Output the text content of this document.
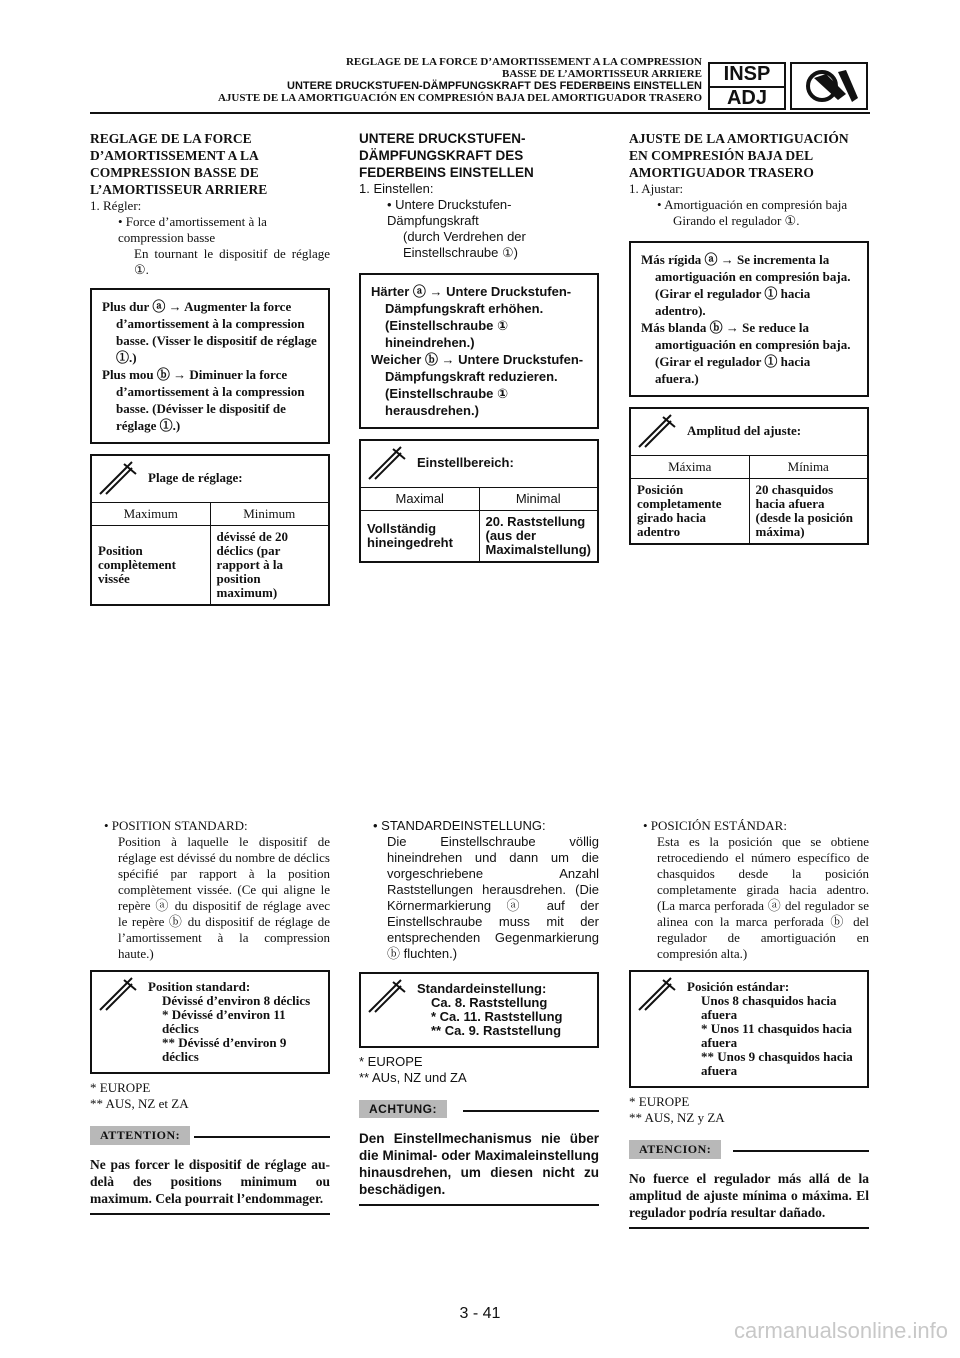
REGLAGE DE LA FORCE D’AMORTISSEMENT A LA COMPRESSION
BASSE DE L’AMORTISSEUR ARRIERE
UNTERE DRUCKSTUFEN-DÄMPFUNGSKRAFT DES FEDERBEINS EINSTELLEN
AJUSTE DE LA AMORTIGUACIÓN EN COMPRESIÓN BAJA DEL AMORTIGUADOR TRASERO
INSP
ADJ
REGLAGE DE LA FORCE D’AMORTISSEMENT A LA COMPRESSION BASSE DE L’AMORTISSEUR ARRIERE
1. Régler:
• Force d’amortissement à la compression basse
En tournant le dispositif de réglage ①.
Plus dur ⓐ → Augmenter la force d’amortissement à la compression basse. (Visser le dispositif de réglage ①.)
Plus mou ⓑ → Diminuer la force d’amortissement à la compression basse. (Dévisser le dispositif de réglage ①.)
Plage de réglage:
Maximum	Minimum
Position complètement vissée	dévissé de 20 déclics (par rapport à la position maximum)
• POSITION STANDARD:
Position à laquelle le dispositif de réglage est dévissé du nombre de déclics spécifié par rapport à la position complètement vissée. (Ce qui aligne le repère ⓐ du dispositif de réglage avec le repère ⓑ du dispositif de réglage de l’amortissement à la compression haute.)
Position standard:
Dévissé d’environ 8 déclics
* Dévissé d’environ 11 déclics
** Dévissé d’environ 9 déclics
* EUROPE
** AUS, NZ et ZA
ATTENTION:
Ne pas forcer le dispositif de réglage au-delà des positions minimum ou maximum. Cela pourrait l’endommager.
UNTERE DRUCKSTUFEN-DÄMPFUNGSKRAFT DES FEDERBEINS EINSTELLEN
1. Einstellen:
• Untere Druckstufen-Dämpfungskraft
(durch Verdrehen der Einstellschraube ①)
Härter ⓐ → Untere Druckstufen-Dämpfungskraft erhöhen. (Einstellschraube ① hineindrehen.)
Weicher ⓑ → Untere Druckstufen-Dämpfungskraft reduzieren. (Einstellschraube ① herausdrehen.)
Einstellbereich:
Maximal	Minimal
Vollständig hineingedreht	20. Raststellung (aus der Maximalstellung)
• STANDARDEINSTELLUNG:
Die Einstellschraube völlig hineindrehen und dann um die vorgeschriebene Anzahl Raststellungen herausdrehen. (Die Körnermarkierung ⓐ auf der Einstellschraube muss mit der entsprechenden Gegenmarkierung ⓑ fluchten.)
Standardeinstellung:
Ca. 8. Raststellung
* Ca. 11. Raststellung
** Ca. 9. Raststellung
* EUROPE
** AUs, NZ und ZA
ACHTUNG:
Den Einstellmechanismus nie über die Minimal- oder Maximaleinstellung hinausdrehen, um diesen nicht zu beschädigen.
AJUSTE DE LA AMORTIGUACIÓN EN COMPRESIÓN BAJA DEL AMORTIGUADOR TRASERO
1. Ajustar:
• Amortiguación en compresión baja
Girando el regulador ①.
Más rígida ⓐ → Se incrementa la amortiguación en compresión baja. (Girar el regulador ① hacia adentro).
Más blanda ⓑ → Se reduce la amortiguación en compresión baja. (Girar el regulador ① hacia afuera.)
Amplitud del ajuste:
Máxima	Mínima
Posición completamente girado hacia adentro	20 chasquidos hacia afuera (desde la posición máxima)
• POSICIÓN ESTÁNDAR:
Esta es la posición que se obtiene retrocediendo el número específico de chasquidos desde la posición completamente girada hacia adentro. (La marca perforada ⓐ del regulador se alinea con la marca perforada ⓑ del regulador de amortiguación en compresión alta.)
Posición estándar:
Unos 8 chasquidos hacia afuera
* Unos 11 chasquidos hacia afuera
** Unos 9 chasquidos hacia afuera
* EUROPE
** AUS, NZ y ZA
ATENCION:
No fuerce el regulador más allá de la amplitud de ajuste mínima o máxima. El regulador podría resultar dañado.
3 - 41
carmanualsonline.info
